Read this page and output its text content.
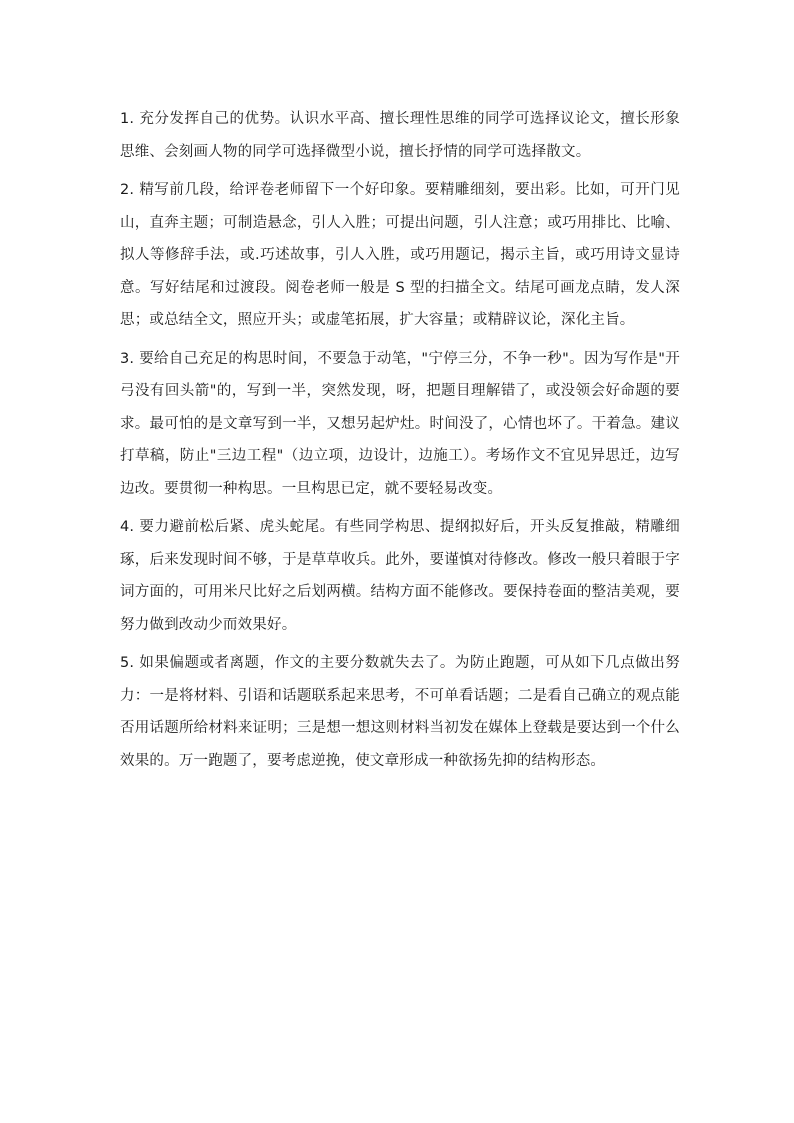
1. 充分发挥自己的优势。认识水平高、擅长理性思维的同学可选择议论文，擅长形象思维、会刻画人物的同学可选择微型小说，擅长抒情的同学可选择散文。

2. 精写前几段，给评卷老师留下一个好印象。要精雕细刻，要出彩。比如，可开门见山，直奔主题；可制造悬念，引人入胜；可提出问题，引人注意；或巧用排比、比喻、拟人等修辞手法，或.巧述故事，引人入胜，或巧用题记，揭示主旨，或巧用诗文显诗意。写好结尾和过渡段。阅卷老师一般是 S 型的扫描全文。结尾可画龙点睛，发人深思；或总结全文，照应开头；或虚笔拓展，扩大容量；或精辟议论，深化主旨。

3. 要给自己充足的构思时间，不要急于动笔，"宁停三分，不争一秒"。因为写作是"开弓没有回头箭"的，写到一半，突然发现，呀，把题目理解错了，或没领会好命题的要求。最可怕的是文章写到一半，又想另起炉灶。时间没了，心情也坏了。干着急。建议打草稿，防止"三边工程"（边立项，边设计，边施工）。考场作文不宜见异思迁，边写边改。要贯彻一种构思。一旦构思已定，就不要轻易改变。

4. 要力避前松后紧、虎头蛇尾。有些同学构思、提纲拟好后，开头反复推敲，精雕细琢，后来发现时间不够，于是草草收兵。此外，要谨慎对待修改。修改一般只着眼于字词方面的，可用米尺比好之后划两横。结构方面不能修改。要保持卷面的整洁美观，要努力做到改动少而效果好。

5. 如果偏题或者离题，作文的主要分数就失去了。为防止跑题，可从如下几点做出努力：一是将材料、引语和话题联系起来思考，不可单看话题；二是看自己确立的观点能否用话题所给材料来证明；三是想一想这则材料当初发在媒体上登载是要达到一个什么效果的。万一跑题了，要考虑逆挽，使文章形成一种欲扬先抑的结构形态。
